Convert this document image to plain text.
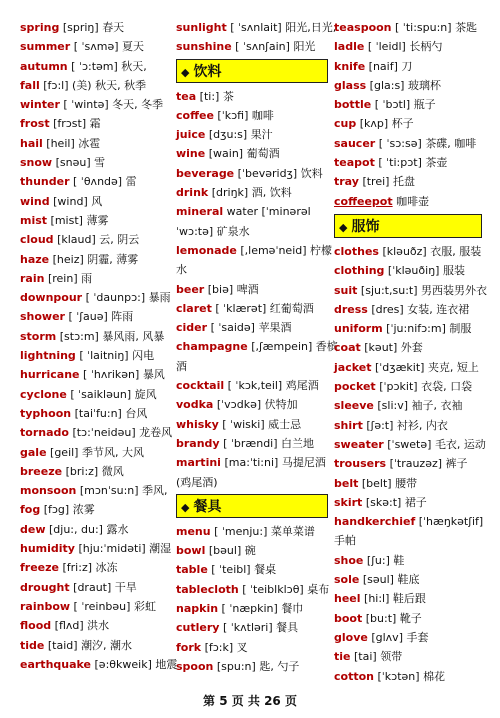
spring [spriŋ] 春天
summer [ ˈsʌmə] 夏天
autumn [ ˈɔ:təm] 秋天,
fall [fɔ:l] (美) 秋天, 秋季
winter [ ˈwintə] 冬天, 冬季
frost [frɔst] 霜
hail [heil] 冰雹
snow [snəu] 雪
thunder [ ˈθʌndə] 雷
wind [wind] 风
mist [mist] 薄雾
cloud [klaud] 云, 阴云
haze [heiz] 阴霾, 薄雾
rain [rein] 雨
downpour [ ˈdaunpɔ:] 暴雨
shower [ ˈʃauə] 阵雨
storm [stɔ:m] 暴风雨, 风暴
lightning [ ˈlaitniŋ] 闪电
hurricane [ ˈhʌrikən] 暴风
cyclone [ ˈsaikləun] 旋风
typhoon [taiˈfu:n] 台风
tornado [tɔ:ˈneidəu] 龙卷风
gale [geil] 季节风, 大风
breeze [bri:z] 微风
monsoon [mɔnˈsu:n] 季风,
fog [fɔg] 浓雾
dew [dju:, du:] 露水
humidity [hju:ˈmidəti] 潮湿
freeze [fri:z] 冰冻
drought [draut] 干旱
rainbow [ ˈreinbəu] 彩虹
flood [flʌd] 洪水
tide [taid] 潮汐, 潮水
earthquake [ə:θkweik] 地震
sunlight [ ˈsʌnlait] 阳光,日光,
sunshine [ ˈsʌnʃain] 阳光
◆ 饮料
tea [ti:] 茶
coffee [ˈkɔfi] 咖啡
juice [dʒu:s] 果汁
wine [wain] 葡萄酒
beverage [ˈbevəridʒ] 饮料
drink [driŋk] 酒, 饮料
mineral water [ˈminərəl
ˈwɔ:tə] 矿泉水
lemonade [,leməˈneid] 柠檬
水
beer [biə] 啤酒
claret [ ˈklærət] 红葡萄酒
cider [ ˈsaidə] 苹果酒
champagne [,ʃæmpein] 香槟
酒
cocktail [ ˈkɔk,teil] 鸡尾酒
vodka [ˈvɔdkə] 伏特加
whisky [ ˈwiski] 威士忌
brandy [ ˈbrændi] 白兰地
martini [ma:ˈti:ni] 马提尼酒
(鸡尾酒)
◆ 餐具
menu [ ˈmenju:] 菜单菜谱
bowl [bəul] 碗
table [ ˈteibl] 餐桌
tablecloth [ ˈteiblklɔθ] 桌布
napkin [ ˈnæpkin] 餐巾
cutlery [ ˈkʌtləri] 餐具
fork [fɔ:k] 叉
spoon [spu:n] 匙, 勺子
teaspoon [ ˈti:spu:n] 茶匙
ladle [ ˈleidl] 长柄勺
knife [naif] 刀
glass [gla:s] 玻璃杯
bottle [ ˈbɔtl] 瓶子
cup [kʌp] 杯子
saucer [ ˈsɔ:sə] 茶碟, 咖啡
teapot [ ˈti:pɔt] 茶壶
tray [trei] 托盘
coffeepot 咖啡壶
◆ 服饰
clothes [kləuðz] 衣服, 服装
clothing [ˈkləuðiŋ] 服装
suit [sju:t,su:t] 男西装男外衣
dress [dres] 女装, 连衣裙
uniform [ˈju:nifɔ:m] 制服
coat [kəut] 外套
jacket [ˈdʒækit] 夹克, 短上
pocket [ˈpɔkit] 衣袋, 口袋
sleeve [sli:v] 袖子, 衣袖
shirt [ʃə:t] 衬衫, 内衣
sweater [ˈswetə] 毛衣, 运动
trousers [ˈtrauzəz] 裤子
belt [belt] 腰带
skirt [skə:t] 裙子
handkerchief [ˈhæŋkətʃif]
手帕
shoe [ʃu:] 鞋
sole [səul] 鞋底
heel [hi:l] 鞋后跟
boot [bu:t] 靴子
glove [glʌv] 手套
tie [tai] 领带
cotton [ˈkɔtən] 棉花
第 5 页 共 26 页
